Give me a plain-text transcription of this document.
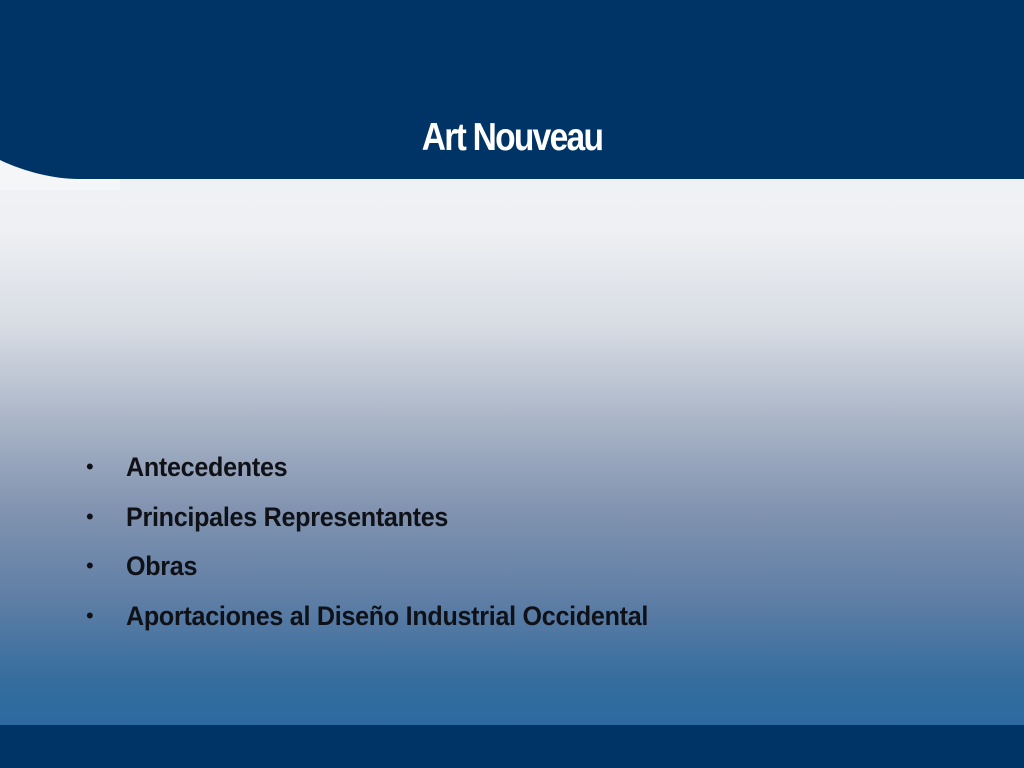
Art Nouveau
•	Antecedentes
•	Principales Representantes
•	Obras
•	Aportaciones al Diseño Industrial Occidental
